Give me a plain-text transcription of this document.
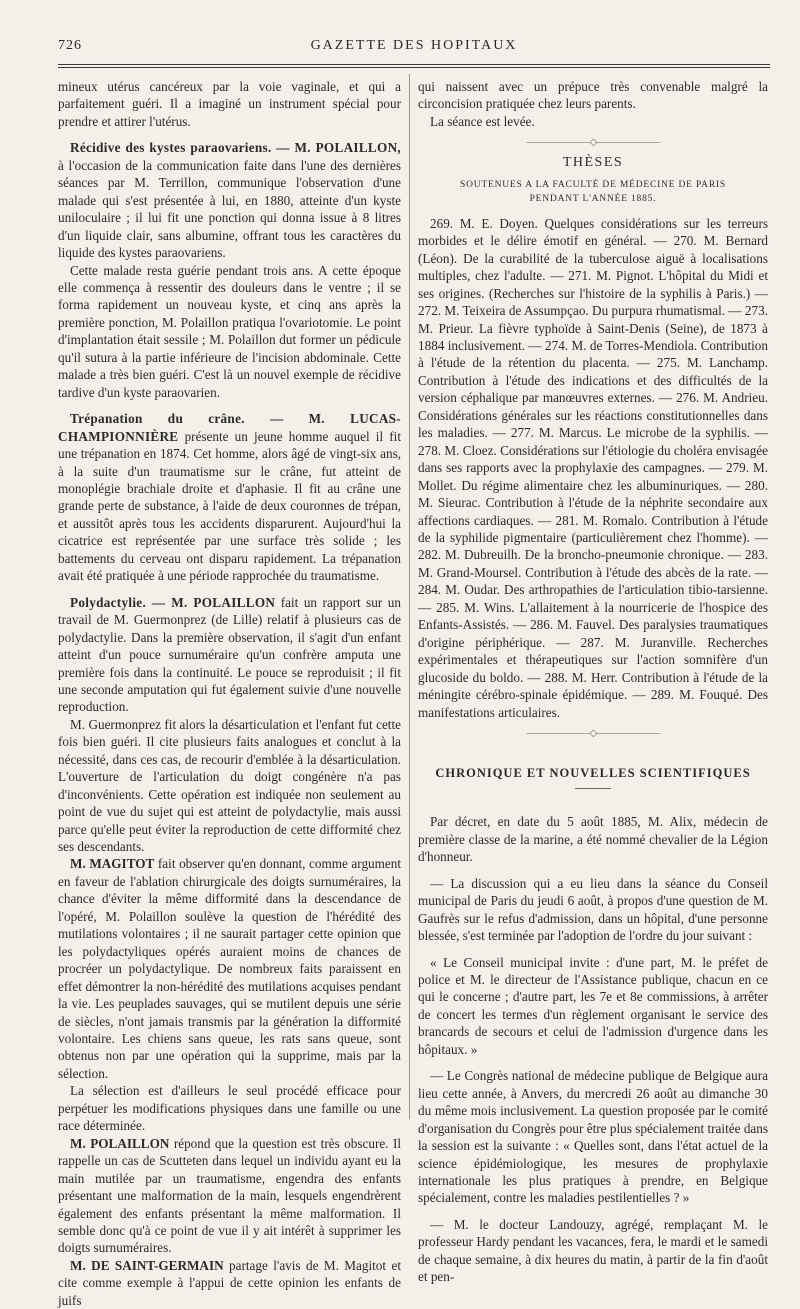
726	GAZETTE DES HOPITAUX

mineux utérus cancéreux par la voie vaginale, et qui a parfaitement guéri. Il a imaginé un instrument spécial pour prendre et attirer l'utérus.

Récidive des kystes paraovariens. — M. POLAILLON, à l'occasion de la communication faite dans l'une des dernières séances par M. Terrillon, communique l'observation d'une malade qui s'est présentée à lui, en 1880, atteinte d'un kyste uniloculaire ; il lui fit une ponction qui donna issue à 8 litres d'un liquide clair, sans albumine, offrant tous les caractères du liquide des kystes paraovariens.

Cette malade resta guérie pendant trois ans. A cette époque elle commença à ressentir des douleurs dans le ventre ; il se forma rapidement un nouveau kyste, et cinq ans après la première ponction, M. Polaillon pratiqua l'ovariotomie. Le point d'implantation était sessile ; M. Polaillon dut former un pédicule qu'il sutura à la partie inférieure de l'incision abdominale. Cette malade a très bien guéri. C'est là un nouvel exemple de récidive tardive d'un kyste paraovarien.

Trépanation du crâne. — M. LUCAS-CHAMPIONNIÈRE présente un jeune homme auquel il fit une trépanation en 1874. Cet homme, alors âgé de vingt-six ans, à la suite d'un traumatisme sur le crâne, fut atteint de monoplégie brachiale droite et d'aphasie. Il fit au crâne une grande perte de substance, à l'aide de deux couronnes de trépan, et aussitôt après tous les accidents disparurent. Aujourd'hui la cicatrice est représentée par une surface très solide ; les battements du cerveau ont disparu rapidement. La trépanation avait été pratiquée à une période rapprochée du traumatisme.

Polydactylie. — M. POLAILLON fait un rapport sur un travail de M. Guermonprez (de Lille) relatif à plusieurs cas de polydactylie. Dans la première observation, il s'agit d'un enfant atteint d'un pouce surnuméraire qu'un confrère amputa une première fois dans la continuité. Le pouce se reproduisit ; il fit une seconde amputation qui fut également suivie d'une nouvelle reproduction.

M. Guermonprez fit alors la désarticulation et l'enfant fut cette fois bien guéri. Il cite plusieurs faits analogues et conclut à la nécessité, dans ces cas, de recourir d'emblée à la désarticulation. L'ouverture de l'articulation du doigt congénère n'a pas d'inconvénients. Cette opération est indiquée non seulement au point de vue du sujet qui est atteint de polydactylie, mais aussi parce qu'elle peut éviter la reproduction de cette difformité chez ses descendants.

M. MAGITOT fait observer qu'en donnant, comme argument en faveur de l'ablation chirurgicale des doigts surnuméraires, la chance d'éviter la même difformité dans la descendance de l'opéré, M. Polaillon soulève la question de l'hérédité des mutilations volontaires ; il ne saurait partager cette opinion que les polydactyliques opérés auraient moins de chances de procréer un polydactylique. De nombreux faits paraissent en effet démontrer la non-hérédité des mutilations acquises pendant la vie. Les peuplades sauvages, qui se mutilent depuis une série de siècles, n'ont jamais transmis par la génération la difformité volontaire. Les chiens sans queue, les rats sans queue, sont obtenus non par une opération qui la supprime, mais par la sélection.

La sélection est d'ailleurs le seul procédé efficace pour perpétuer les modifications physiques dans une famille ou une race déterminée.

M. POLAILLON répond que la question est très obscure. Il rappelle un cas de Scutteten dans lequel un individu ayant eu la main mutilée par un traumatisme, engendra des enfants présentant une malformation de la main, lesquels engendrèrent également des enfants présentant la même malformation. Il semble donc qu'à ce point de vue il y ait intérêt à supprimer les doigts surnuméraires.

M. DE SAINT-GERMAIN partage l'avis de M. Magitot et cite comme exemple à l'appui de cette opinion les enfants de juifs

qui naissent avec un prépuce très convenable malgré la circoncision pratiquée chez leurs parents.

La séance est levée.

———————◇———————
THÈSES
SOUTENUES A LA FACULTÉ DE MÉDECINE DE PARIS
PENDANT L'ANNÉE 1885.

269. M. E. Doyen. Quelques considérations sur les terreurs morbides et le délire émotif en général. — 270. M. Bernard (Léon). De la curabilité de la tuberculose aiguë à localisations multiples, chez l'adulte. — 271. M. Pignot. L'hôpital du Midi et ses origines. (Recherches sur l'histoire de la syphilis à Paris.) — 272. M. Teixeira de Assumpçao. Du purpura rhumatismal. — 273. M. Prieur. La fièvre typhoïde à Saint-Denis (Seine), de 1873 à 1884 inclusivement. — 274. M. de Torres-Mendiola. Contribution à l'étude de la rétention du placenta. — 275. M. Lanchamp. Contribution à l'étude des indications et des difficultés de la version céphalique par manœuvres externes. — 276. M. Andrieu. Considérations générales sur les réactions constitutionnelles dans les maladies. — 277. M. Marcus. Le microbe de la syphilis. — 278. M. Cloez. Considérations sur l'étiologie du choléra envisagée dans ses rapports avec la prophylaxie des campagnes. — 279. M. Mollet. Du régime alimentaire chez les albuminuriques. — 280. M. Sieurac. Contribution à l'étude de la néphrite secondaire aux affections cardiaques. — 281. M. Romalo. Contribution à l'étude de la syphilide pigmentaire (particulièrement chez l'homme). — 282. M. Dubreuilh. De la broncho-pneumonie chronique. — 283. M. Grand-Moursel. Contribution à l'étude des abcès de la rate. — 284. M. Oudar. Des arthropathies de l'articulation tibio-tarsienne. — 285. M. Wins. L'allaitement à la nourricerie de l'hospice des Enfants-Assistés. — 286. M. Fauvel. Des paralysies traumatiques d'origine périphérique. — 287. M. Juranville. Recherches expérimentales et thérapeutiques sur l'action somnifère d'un glucoside du boldo. — 288. M. Herr. Contribution à l'étude de la méningite cérébro-spinale épidémique. — 289. M. Fouqué. Des manifestations articulaires.

———————◇———————
CHRONIQUE ET NOUVELLES SCIENTIFIQUES

Par décret, en date du 5 août 1885, M. Alix, médecin de première classe de la marine, a été nommé chevalier de la Légion d'honneur.

— La discussion qui a eu lieu dans la séance du Conseil municipal de Paris du jeudi 6 août, à propos d'une question de M. Gaufrès sur le refus d'admission, dans un hôpital, d'une personne blessée, s'est terminée par l'adoption de l'ordre du jour suivant :

« Le Conseil municipal invite : d'une part, M. le préfet de police et M. le directeur de l'Assistance publique, chacun en ce qui le concerne ; d'autre part, les 7e et 8e commissions, à arrêter de concert les termes d'un règlement organisant le service des brancards de secours et celui de l'admission d'urgence dans les hôpitaux. »

— Le Congrès national de médecine publique de Belgique aura lieu cette année, à Anvers, du mercredi 26 août au dimanche 30 du même mois inclusivement. La question proposée par le comité d'organisation du Congrès pour être plus spécialement traitée dans la session est la suivante : « Quelles sont, dans l'état actuel de la science épidémiologique, les mesures de prophylaxie internationale les plus pratiques à prendre, en Belgique spécialement, contre les maladies pestilentielles ? »

— M. le docteur Landouzy, agrégé, remplaçant M. le professeur Hardy pendant les vacances, fera, le mardi et le samedi de chaque semaine, à dix heures du matin, à partir de la fin d'août et pen-
